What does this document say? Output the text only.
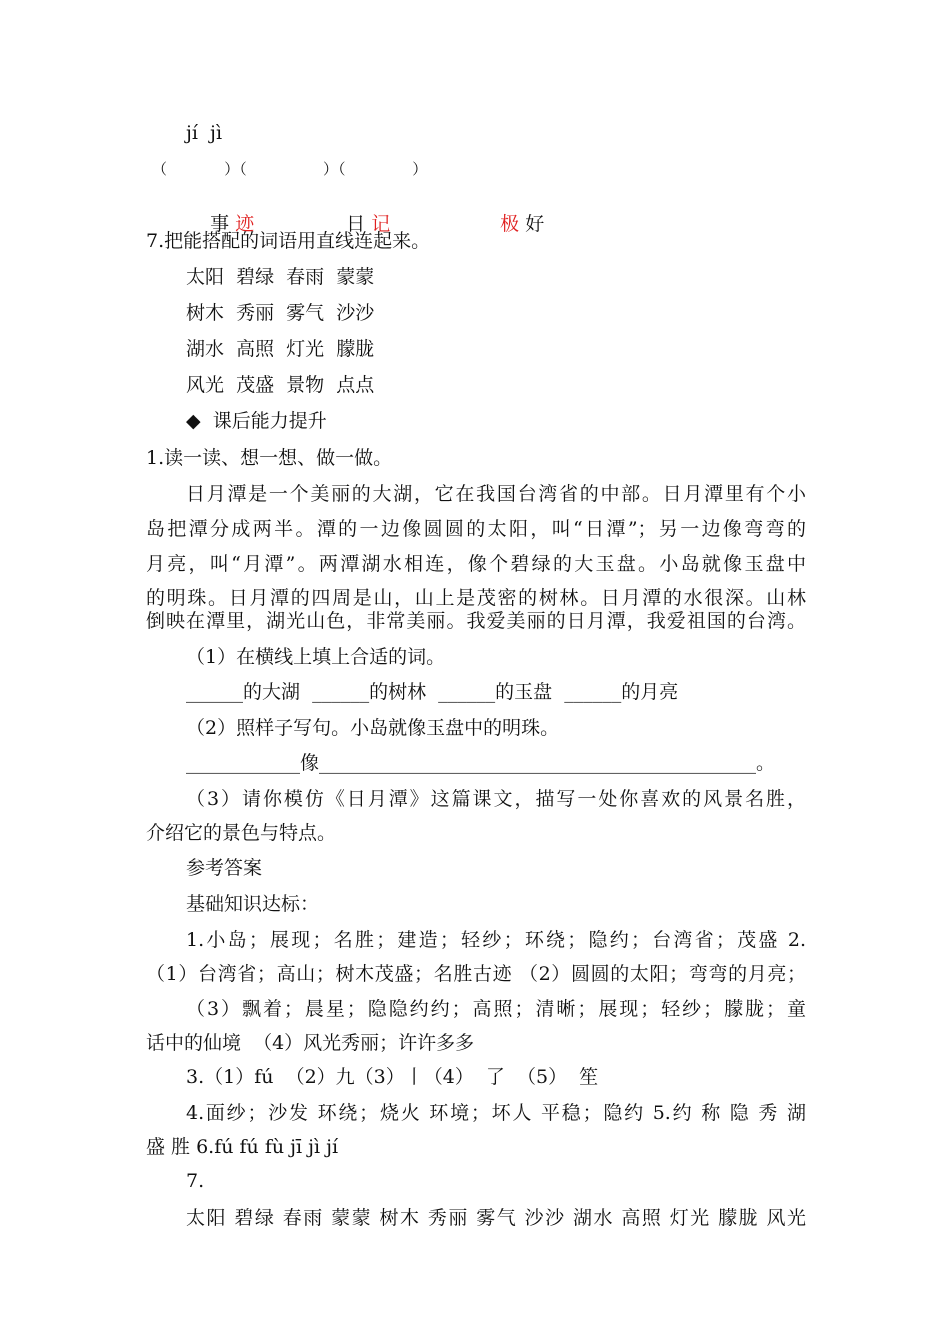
jí  jì
（            ）（                ）（              ）

事 迹
	日 记
	极 好

7.把能搭配的词语用直线连起来。
太阳  碧绿  春雨  蒙蒙
树木  秀丽  雾气  沙沙
湖水  高照  灯光  朦胧
风光  茂盛  景物  点点
◆  课后能力提升
1.读一读、想一想、做一做。
日月潭是一个美丽的大湖，它在我国台湾省的中部。日月潭里有个小
岛把潭分成两半。潭的一边像圆圆的太阳，叫“日潭”；另一边像弯弯的
月亮，叫“月潭”。两潭湖水相连，像个碧绿的大玉盘。小岛就像玉盘中
的明珠。日月潭的四周是山，山上是茂密的树林。日月潭的水很深。山林
倒映在潭里，湖光山色，非常美丽。我爱美丽的日月潭，我爱祖国的台湾。
（1）在横线上填上合适的词。
______的大湖  ______的树林  ______的玉盘  ______的月亮
（2）照样子写句。小岛就像玉盘中的明珠。
____________像______________________________________________。
（3）请你模仿《日月潭》这篇课文，描写一处你喜欢的风景名胜，
介绍它的景色与特点。
参考答案
基础知识达标：
1.小岛；展现；名胜；建造；轻纱；环绕；隐约；台湾省；茂盛 2.
（1）台湾省；高山；树木茂盛；名胜古迹 （2）圆圆的太阳；弯弯的月亮；
（3）飘着；晨星；隐隐约约；高照；清晰；展现；轻纱；朦胧；童
话中的仙境  （4）风光秀丽；许许多多
3.（1）fú  （2）九（3）丨（4）  了  （5）  笙
4.面纱；沙发 环绕；烧火 环境；坏人 平稳；隐约 5.约 称 隐 秀 湖
盛 胜 6.fú fú fù jī jì jí
7.
太阳 碧绿 春雨 蒙蒙 树木 秀丽 雾气 沙沙 湖水 高照 灯光 朦胧 风光
